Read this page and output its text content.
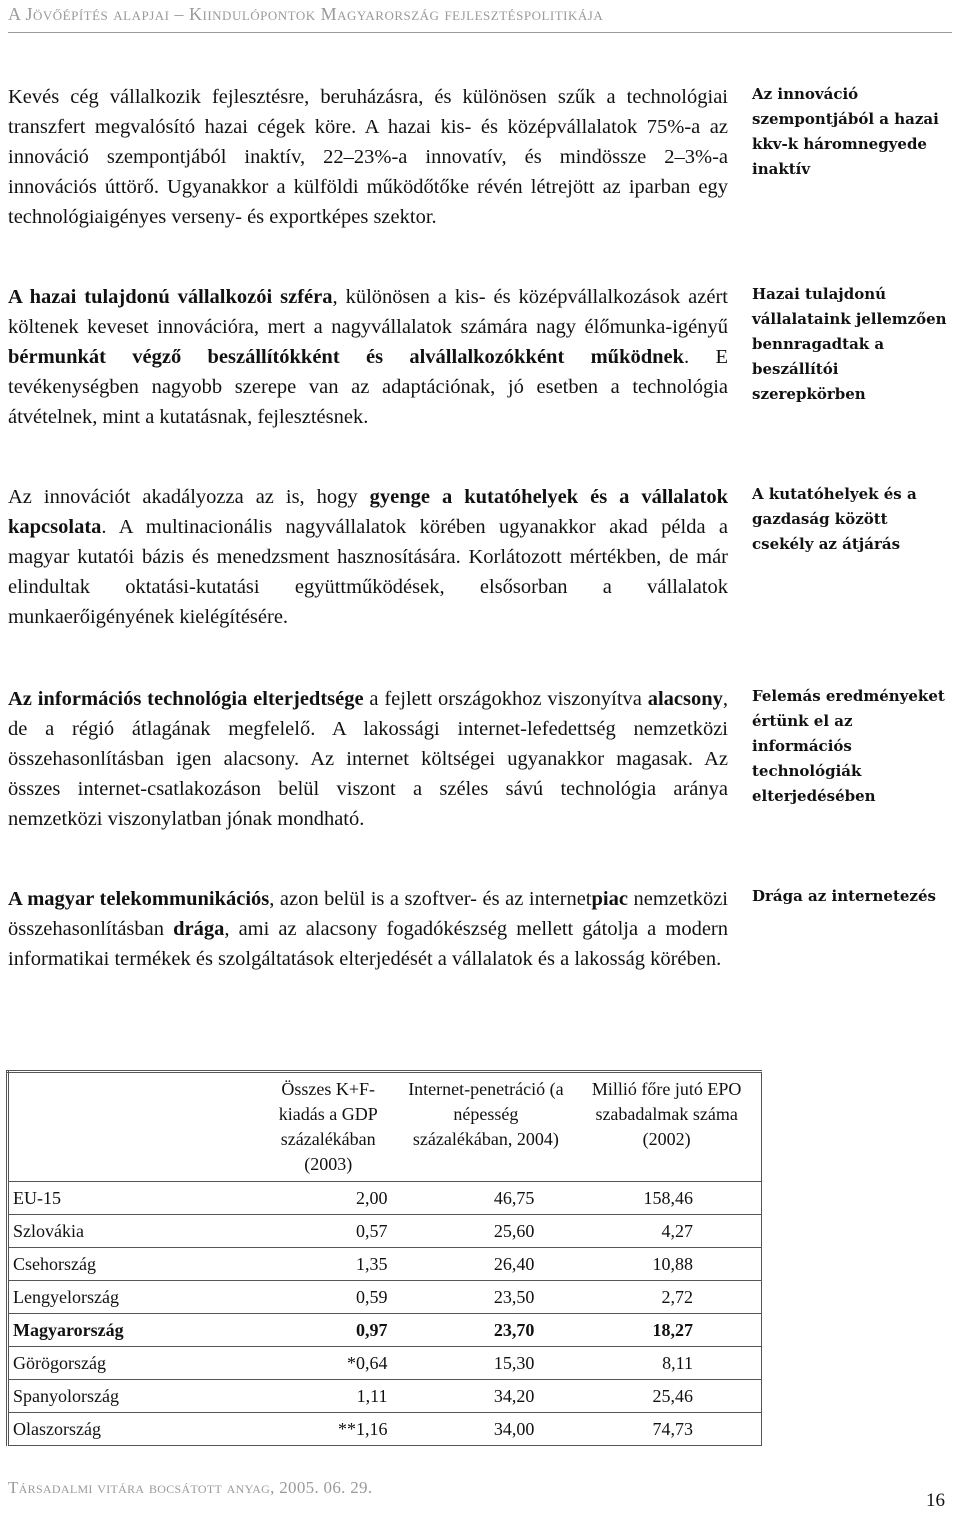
A Jövőépítés alapjai – Kiindulópontok Magyarország fejlesztéspolitikája

Kevés cég vállalkozik fejlesztésre, beruházásra, és különösen szűk a technológiai transzfert megvalósító hazai cégek köre. A hazai kis- és középvállalatok 75%-a az innováció szempontjából inaktív, 22–23%-a innovatív, és mindössze 2–3%-a innovációs úttörő. Ugyanakkor a külföldi működőtőke révén létrejött az iparban egy technológiaigényes verseny- és exportképes szektor.

A hazai tulajdonú vállalkozói szféra, különösen a kis- és középvállalkozások azért költenek keveset innovációra, mert a nagyvállalatok számára nagy élőmunka-igényű bérmunkát végző beszállítókként és alvállalkozókként működnek. E tevékenységben nagyobb szerepe van az adaptációnak, jó esetben a technológia átvételnek, mint a kutatásnak, fejlesztésnek.

Az innovációt akadályozza az is, hogy gyenge a kutatóhelyek és a vállalatok kapcsolata. A multinacionális nagyvállalatok körében ugyanakkor akad példa a magyar kutatói bázis és menedzsment hasznosítására. Korlátozott mértékben, de már elindultak oktatási-kutatási együttműködések, elsősorban a vállalatok munkaerőigényének kielégítésére.

Az információs technológia elterjedtsége a fejlett országokhoz viszonyítva alacsony, de a régió átlagának megfelelő. A lakossági internet-lefedettség nemzetközi összehasonlításban igen alacsony. Az internet költségei ugyanakkor magasak. Az összes internet-csatlakozáson belül viszont a széles sávú technológia aránya nemzetközi viszonylatban jónak mondható.

A magyar telekommunikációs, azon belül is a szoftver- és az internetpiac nemzetközi összehasonlításban drága, ami az alacsony fogadókészség mellett gátolja a modern informatikai termékek és szolgáltatások elterjedését a vállalatok és a lakosság körében.

Az innováció szempontjából a hazai kkv-k háromnegyede inaktív

Hazai tulajdonú vállalataink jellemzően bennragadtak a beszállítói szerepkörben

A kutatóhelyek és a gazdaság között csekély az átjárás

Felemás eredményeket értünk el az információs technológiák elterjedésében

Drága az internetezés

	Összes K+F-kiadás a GDP százalékában (2003)	Internet-penetráció (a népesség százalékában, 2004)	Millió főre jutó EPO szabadalmak száma (2002)
EU-15	2,00	46,75	158,46
Szlovákia	0,57	25,60	4,27
Csehország	1,35	26,40	10,88
Lengyelország	0,59	23,50	2,72
Magyarország	0,97	23,70	18,27
Görögország	*0,64	15,30	8,11
Spanyolország	1,11	34,20	25,46
Olaszország	**1,16	34,00	74,73
Társadalmi vitára bocsátott anyag, 2005. 06. 29.
16
